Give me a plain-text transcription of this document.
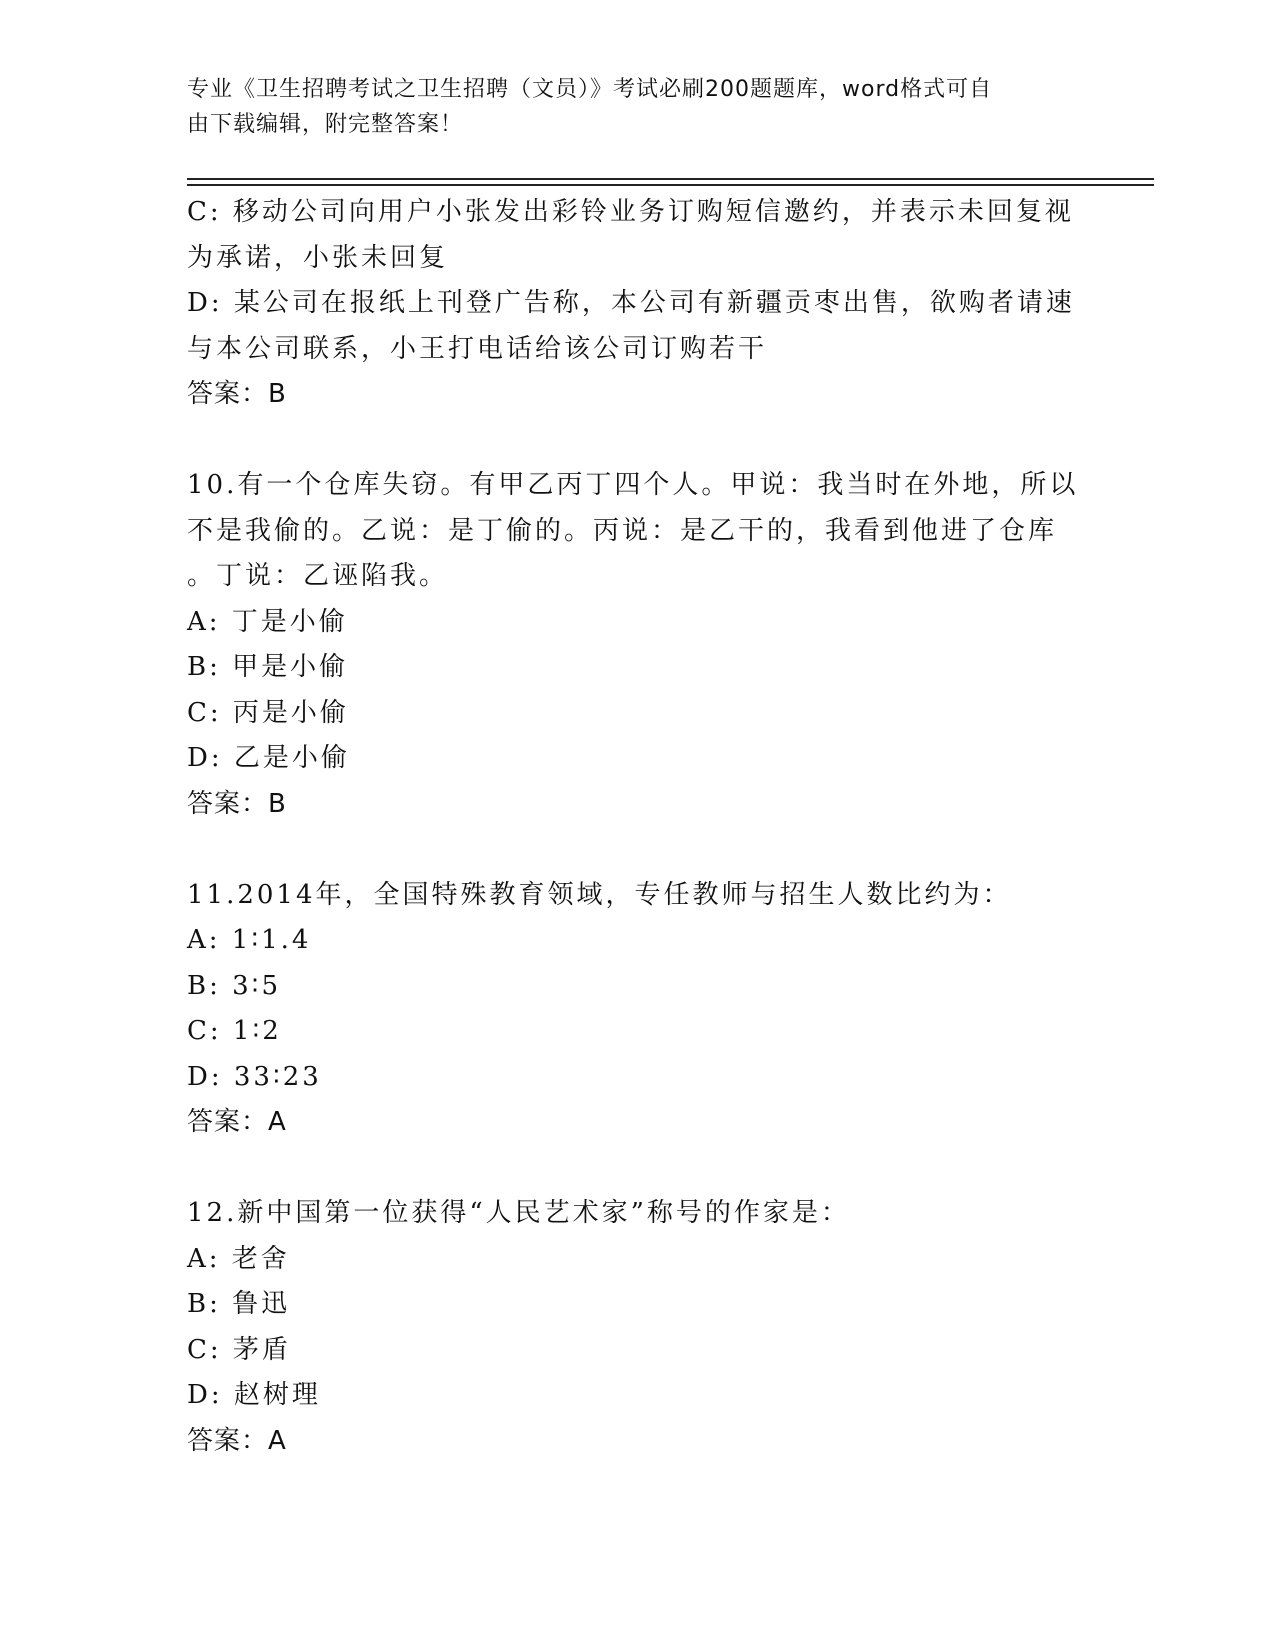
专业《卫生招聘考试之卫生招聘（文员）》考试必刷200题题库，word格式可自
由下载编辑，附完整答案！
C: 移动公司向用户小张发出彩铃业务订购短信邀约，并表示未回复视
为承诺，小张未回复
D: 某公司在报纸上刊登广告称，本公司有新疆贡枣出售，欲购者请速
与本公司联系，小王打电话给该公司订购若干
答案：B
10.有一个仓库失窃。有甲乙丙丁四个人。甲说：我当时在外地，所以
不是我偷的。乙说：是丁偷的。丙说：是乙干的，我看到他进了仓库
。丁说：乙诬陷我。
A: 丁是小偷
B: 甲是小偷
C: 丙是小偷
D: 乙是小偷
答案：B
11.2014年，全国特殊教育领域，专任教师与招生人数比约为：
A: 1∶1.4
B: 3∶5
C: 1∶2
D: 33∶23
答案：A
12.新中国第一位获得“人民艺术家”称号的作家是：
A: 老舍
B: 鲁迅
C: 茅盾
D: 赵树理
答案：A
